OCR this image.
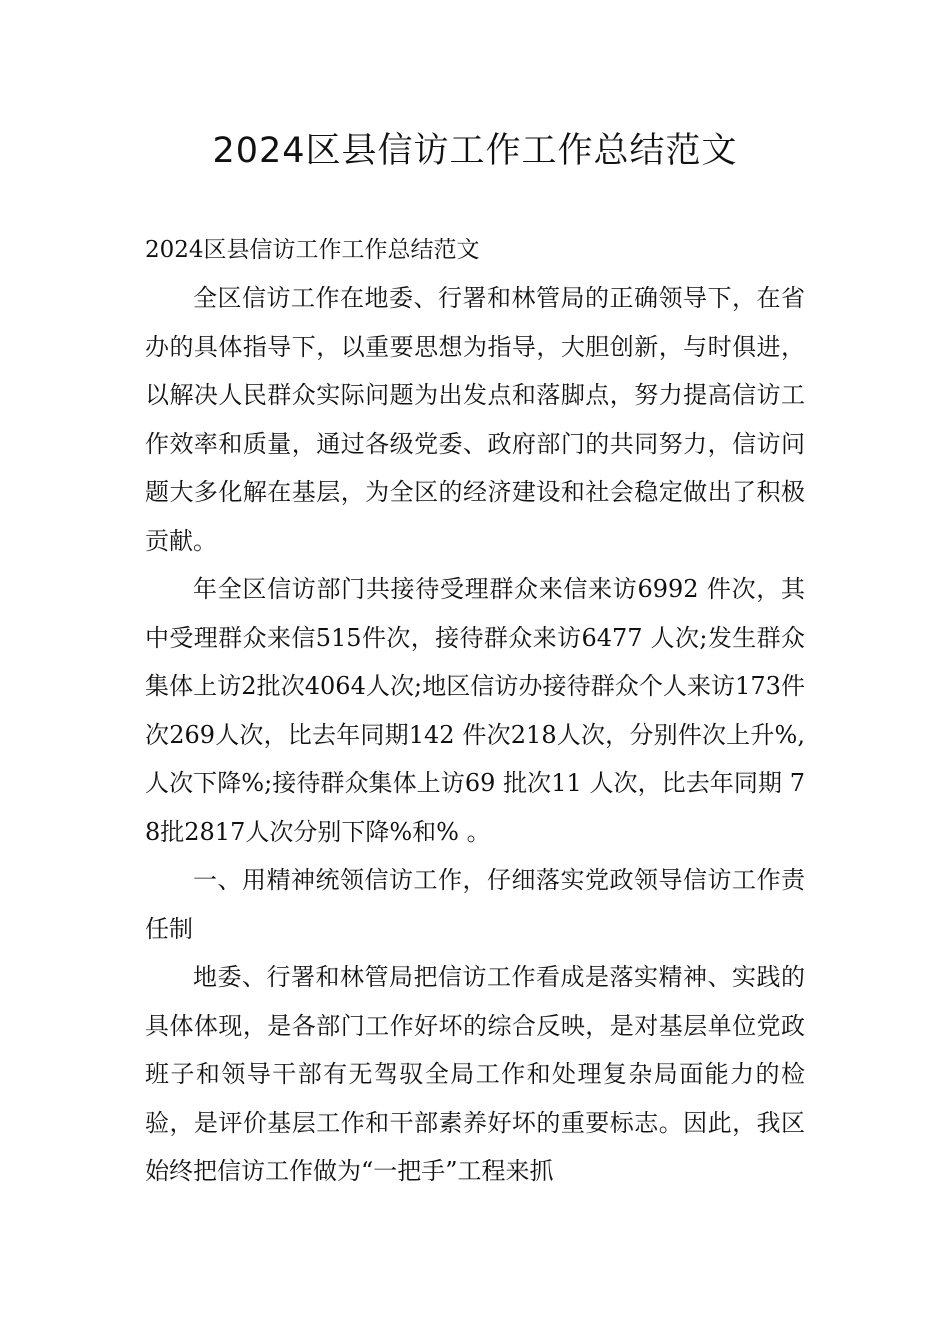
2024区县信访工作工作总结范文

2024区县信访工作工作总结范文

全区信访工作在地委、行署和林管局的正确领导下，在省办的具体指导下，以重要思想为指导，大胆创新，与时俱进，以解决人民群众实际问题为出发点和落脚点，努力提高信访工作效率和质量，通过各级党委、政府部门的共同努力，信访问题大多化解在基层，为全区的经济建设和社会稳定做出了积极贡献。

年全区信访部门共接待受理群众来信来访6992 件次，其中受理群众来信515件次，接待群众来访6477 人次;发生群众集体上访2批次4064人次;地区信访办接待群众个人来访173件次269人次，比去年同期142 件次218人次，分别件次上升%,人次下降%;接待群众集体上访69 批次11 人次，比去年同期 78批2817人次分别下降%和% 。

一、用精神统领信访工作，仔细落实党政领导信访工作责任制

地委、行署和林管局把信访工作看成是落实精神、实践的具体体现，是各部门工作好坏的综合反映，是对基层单位党政班子和领导干部有无驾驭全局工作和处理复杂局面能力的检验，是评价基层工作和干部素养好坏的重要标志。因此，我区始终把信访工作做为“一把手”工程来抓
